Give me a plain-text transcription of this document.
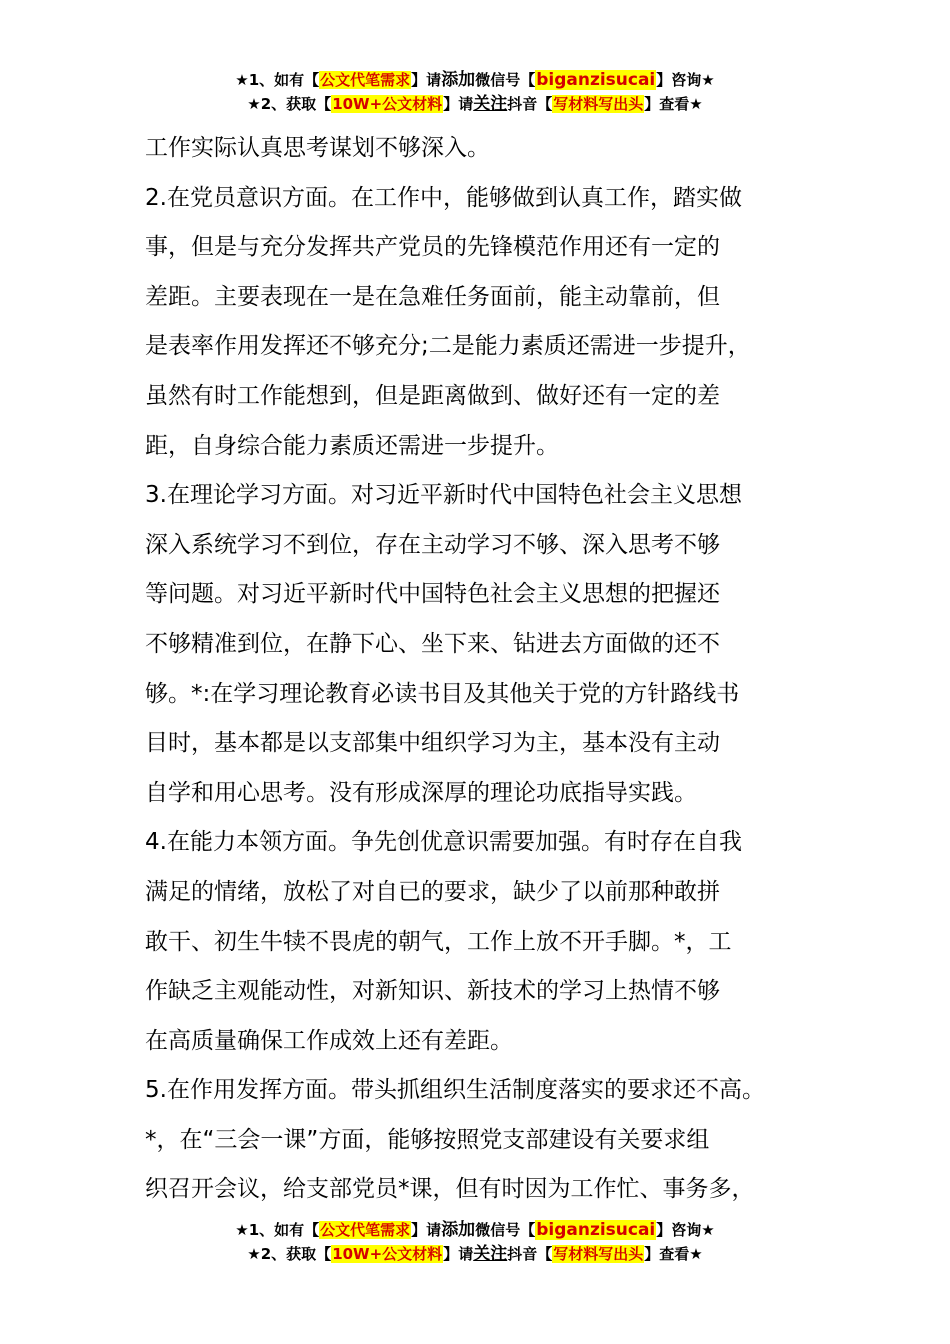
★1、如有【公文代笔需求】请添加微信号【biganzisucai】咨询★
★2、获取【10W+公文材料】请关注抖音【写材料写出头】查看★
工作实际认真思考谋划不够深入。
2.在党员意识方面。在工作中，能够做到认真工作，踏实做
事，但是与充分发挥共产党员的先锋模范作用还有一定的
差距。主要表现在一是在急难任务面前，能主动靠前，但
是表率作用发挥还不够充分;二是能力素质还需进一步提升，
虽然有时工作能想到，但是距离做到、做好还有一定的差
距，自身综合能力素质还需进一步提升。
3.在理论学习方面。对习近平新时代中国特色社会主义思想
深入系统学习不到位，存在主动学习不够、深入思考不够
等问题。对习近平新时代中国特色社会主义思想的把握还
不够精准到位，在静下心、坐下来、钻进去方面做的还不
够。*:在学习理论教育必读书目及其他关于党的方针路线书
目时，基本都是以支部集中组织学习为主，基本没有主动
自学和用心思考。没有形成深厚的理论功底指导实践。
4.在能力本领方面。争先创优意识需要加强。有时存在自我
满足的情绪，放松了对自已的要求，缺少了以前那种敢拼
敢干、初生牛犊不畏虎的朝气，工作上放不开手脚。*，工
作缺乏主观能动性，对新知识、新技术的学习上热情不够
在高质量确保工作成效上还有差距。
5.在作用发挥方面。带头抓组织生活制度落实的要求还不高。
*，在“三会一课”方面，能够按照党支部建设有关要求组
织召开会议，给支部党员*课，但有时因为工作忙、事务多，
★1、如有【公文代笔需求】请添加微信号【biganzisucai】咨询★
★2、获取【10W+公文材料】请关注抖音【写材料写出头】查看★
